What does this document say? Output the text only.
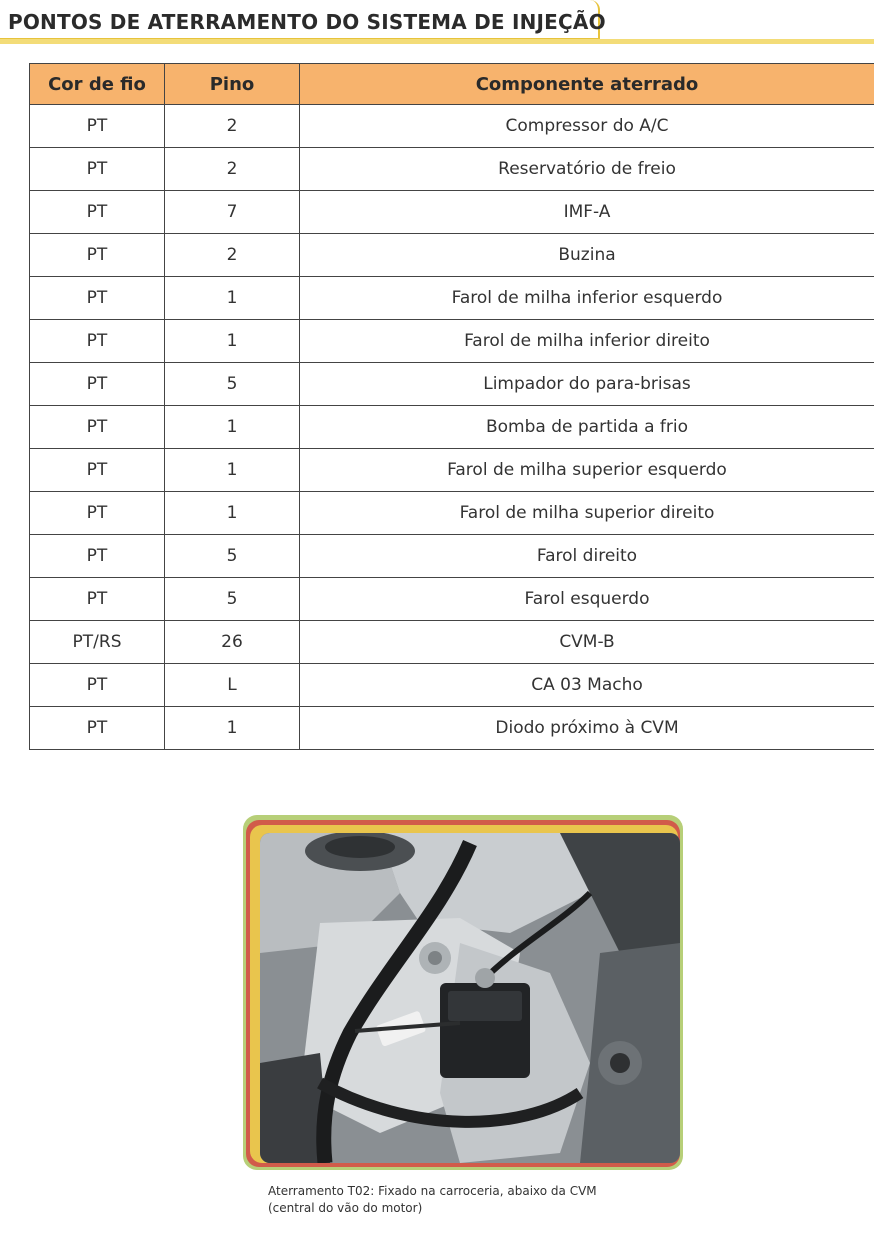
PONTOS DE ATERRAMENTO DO SISTEMA DE INJEÇÃO
Cor de fio	Pino	Componente aterrado
PT	2	Compressor do A/C
PT	2	Reservatório de freio
PT	7	IMF-A
PT	2	Buzina
PT	1	Farol de milha inferior esquerdo
PT	1	Farol de milha inferior direito
PT	5	Limpador do para-brisas
PT	1	Bomba de partida a frio
PT	1	Farol de milha superior esquerdo
PT	1	Farol de milha superior direito
PT	5	Farol direito
PT	5	Farol esquerdo
PT/RS	26	CVM-B
PT	L	CA 03 Macho
PT	1	Diodo próximo à CVM
Aterramento T02: Fixado na carroceria, abaixo da CVM
(central do vão do motor)
